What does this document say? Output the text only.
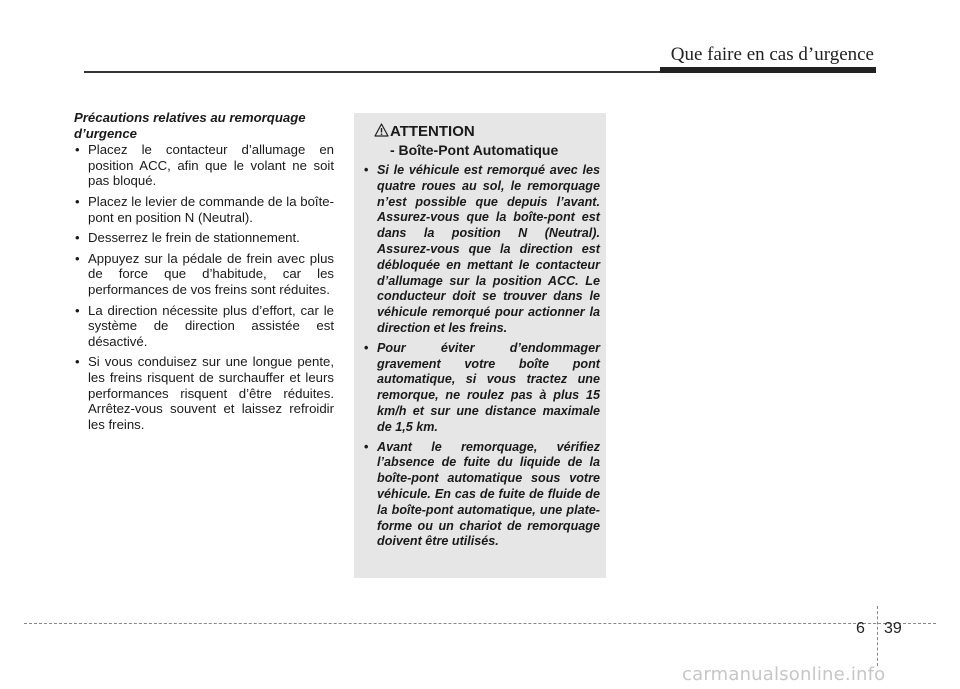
Que faire en cas d’urgence
Précautions relatives au remorquage d’urgence
• Placez le contacteur d’allumage en position ACC, afin que le volant ne soit pas bloqué.
• Placez le levier de commande de la boîte-pont en position N (Neutral).
• Desserrez le frein de stationnement.
• Appuyez sur la pédale de frein avec plus de force que d’habitude, car les performances de vos freins sont réduites.
• La direction nécessite plus d’effort, car le système de direction assistée est désactivé.
• Si vous conduisez sur une longue pente, les freins risquent de surchauffer et leurs performances risquent d’être réduites. Arrêtez-vous souvent et laissez refroidir les freins.
ATTENTION
- Boîte-Pont Automatique
• Si le véhicule est remorqué avec les quatre roues au sol, le remorquage n’est possible que depuis l’avant. Assurez-vous que la boîte-pont est dans la position N (Neutral). Assurez-vous que la direction est débloquée en mettant le contacteur d’allumage sur la position ACC. Le conducteur doit se trouver dans le véhicule remorqué pour actionner la direction et les freins.
• Pour éviter d’endommager gravement votre boîte pont automatique, si vous tractez une remorque, ne roulez pas à plus 15 km/h et sur une distance maximale de 1,5 km.
• Avant le remorquage, vérifiez l’absence de fuite du liquide de la boîte-pont automatique sous votre véhicule. En cas de fuite de fluide de la boîte-pont automatique, une plate-forme ou un chariot de remorquage doivent être utilisés.
6 39
carmanualsonline.info
